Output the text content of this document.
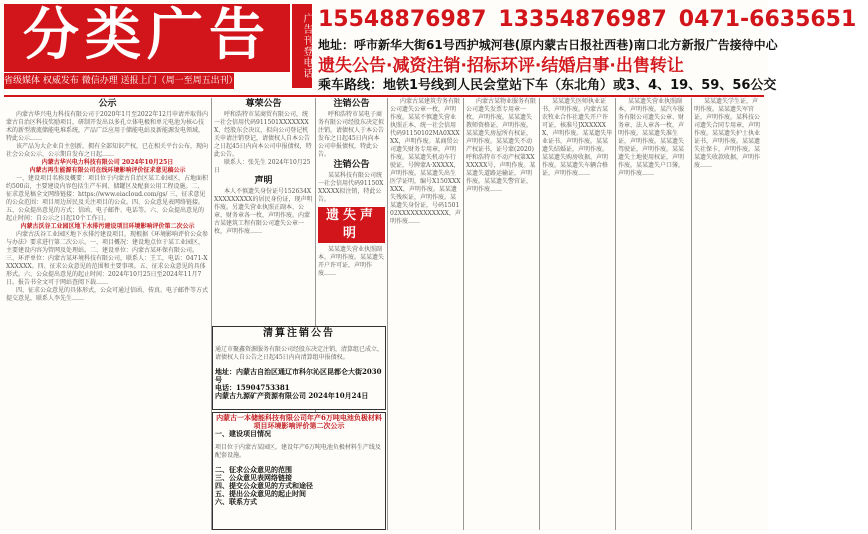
分类广告
省级媒体 权威发布 微信办理 送报上门（周一至周五出刊）
广告刊登电话 15548876987 13354876987 0471-6635651
地址：呼市新华大街61号西护城河巷(原内蒙古日报社西巷)南口北方新报广告接待中心
遗失公告·减资注销·招标环评·结婚启事·出售转让
乘车路线：地铁1号线到人民会堂站下车（东北角）或3、4、19、59、56公交
公示

内蒙古华兴电力科技有限公司于2020年1月至2022年12月申请并取得内蒙古自治区科技奖励项目，研制开发出以多孔立体电极和单元电池为核心技术的新型液流储能电堆系统，产品广泛应用于储能电站及新能源发电领域，特此公示……

该产品为大企业自主创新，拥有全部知识产权，已在相关平台公布，现向社会公众公示，公示期自发布之日起……

内蒙古华兴电力科技有限公司 2024年10月25日
内蒙古再生能源有限公司在线环境影响评价征求意见稿公示

一、建设项目名称及概要：项目位于内蒙古自治区某工业园区，占地面积约500亩，主要建设内容包括生产车间、储罐区及配套公用工程设施。二、征求意见稿全文网络链接：https://www.eiacloud.com/gs/ 三、征求意见的公众范围：项目周边居民及关注项目的公众。四、公众意见表网络链接。五、公众提出意见的方式：信函、电子邮件、电话等。六、公众提出意见的起止时间：自公示之日起10个工作日。

内蒙古沃谷工业园区地下水排污建设项目环境影响评价第二次公示

内蒙古沃谷工业园区地下水排污建设项目，现根据《环境影响评价公众参与办法》要求进行第二次公示。一、项目概况：建设地点位于某工业园区，主要建设内容为管网及处理站。二、建设单位：内蒙古某环保有限公司。三、环评单位：内蒙古某环境科技有限公司，联系人：王工，电话：0471-XXXXXXX。四、征求公众意见的范围和主要事项。五、征求公众意见的具体形式。六、公众提出意见的起止时间：2024年10月25日至2024年11月7日。报告书全文可于网站查阅下载……

四、征求公众意见的具体形式，公众可通过信函、传真、电子邮件等方式提交意见，联系人李先生……

尊荣公告

呼和浩特市某商贸有限公司，统一社会信用代码911501XXXXXXXX，经股东会决议，拟向公司登记机关申请注销登记，请债权人自本公告之日起45日内向本公司申报债权，特此公告。

联系人：张先生 2024年10月25日

声明

本人不慎遗失身份证号152634XXXXXXXXXX的居民身份证，现声明作废。另遗失营业执照正副本、公章、财务章各一枚，声明作废。内蒙古某建筑工程有限公司遗失公章一枚，声明作废……

注销公告

呼和浩特市某电子商务有限公司经股东决定拟注销，请债权人于本公告发布之日起45日内向本公司申报债权，特此公告。

注销公告

某某科技有限公司统一社会信用代码91150XXXXXX拟注销，特此公告。

遗失声明

某某遗失营业执照副本，声明作废。某某遗失开户许可证，声明作废……

清算注销公告

通辽市聚鑫资源服务有限公司经股东决定注销，清算组已成立，请债权人自公告之日起45日内向清算组申报债权。

地址：内蒙古自治区通辽市科尔沁区昆都仑大街2030号
电话：15904753381
内蒙古九源矿产资源有限公司 2024年10月24日
内蒙古一本储能科技有限公司年产6万吨电池负极材料项目环境影响评价第二次公示
一、建设项目情况

项目位于内蒙古某园区，建设年产6万吨电池负极材料生产线及配套设施。

二、征求公众意见的范围
三、公众意见表网络链接
四、提交公众意见的方式和途径
五、提出公众意见的起止时间
六、联系方式

内蒙古某建筑劳务有限公司遗失公章一枚，声明作废。某某不慎遗失营业执照正本，统一社会信用代码91150102MA0XXXXX，声明作废。某商贸公司遗失财务专用章，声明作废。某某遗失机动车行驶证，号牌蒙A·XXXXX，声明作废。某某遗失出生医学证明，编号X150XXXXXX，声明作废。某某遗失残疾证，声明作废。某某遗失身份证，号码150102XXXXXXXXXXXX，声明作废……

内蒙古某物业服务有限公司遗失发票专用章一枚，声明作废。某某遗失教师资格证，声明作废。某某遗失房屋所有权证，声明作废。某某遗失不动产权证书，证号蒙(2020)呼和浩特市不动产权第XXXXXXX号，声明作废。某某遗失道路运输证，声明作废。某某遗失警官证，声明作废……

某某遗失医师执业证书，声明作废。内蒙古某农牧业合作社遗失开户许可证，核准号JXXXXXXX，声明作废。某某遗失毕业证书，声明作废。某某遗失结婚证，声明作废。某某遗失购房收据，声明作废。某某遗失车辆合格证，声明作废……

某某遗失营业执照副本，声明作废。某汽车服务有限公司遗失公章、财务章、法人章各一枚，声明作废。某某遗失准生证，声明作废。某某遗失驾驶证，声明作废。某某遗失土地使用权证，声明作废。某某遗失户口簿，声明作废……

某某遗失学生证，声明作废。某某遗失军官证，声明作废。某科技公司遗失合同专用章，声明作废。某某遗失护士执业证书，声明作废。某某遗失社保卡，声明作废。某某遗失收款收据，声明作废……
